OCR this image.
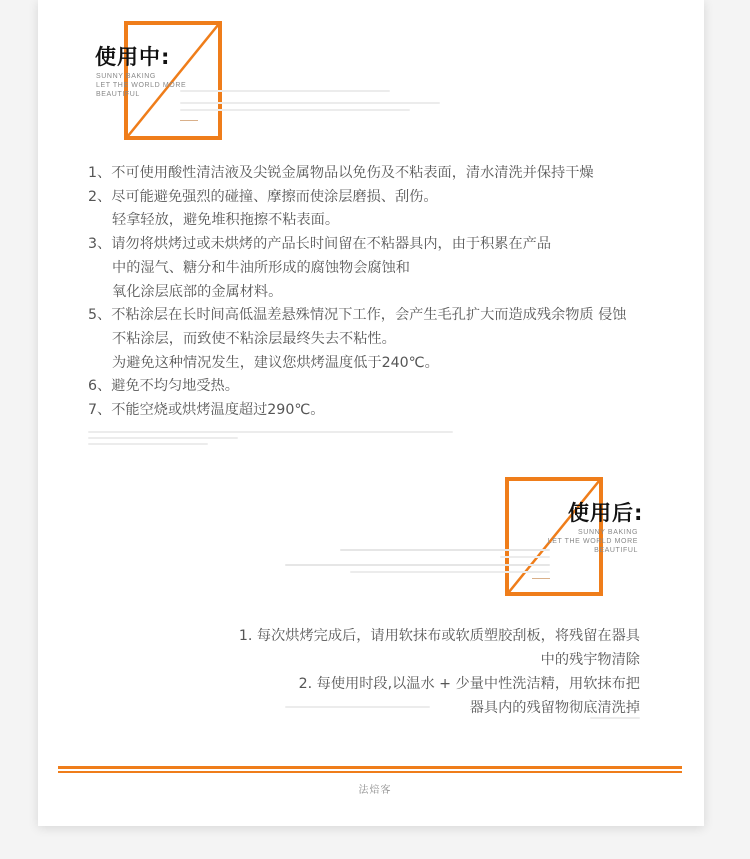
使用中:
SUNNY BAKING
LET THE WORLD MORE
BEAUTIFUL
1、不可使用酸性清洁液及尖锐金属物品以免伤及不粘表面，清水清洗并保持干燥
2、尽可能避免强烈的碰撞、摩擦而使涂层磨损、刮伤。
轻拿轻放，避免堆积拖擦不粘表面。
3、请勿将烘烤过或未烘烤的产品长时间留在不粘器具内，由于积累在产品
中的湿气、糖分和牛油所形成的腐蚀物会腐蚀和
氧化涂层底部的金属材料。
5、不粘涂层在长时间高低温差悬殊情况下工作，会产生毛孔扩大而造成残余物质 侵蚀
不粘涂层，而致使不粘涂层最终失去不粘性。
为避免这种情况发生，建议您烘烤温度低于240℃。
6、避免不均匀地受热。
7、不能空烧或烘烤温度超过290℃。
使用后:
SUNNY BAKING
LET THE WORLD MORE
BEAUTIFUL
1. 每次烘烤完成后，请用软抹布或软质塑胶刮板，将残留在器具
中的残宇物清除
2. 每使用时段,以温水 + 少量中性洗洁精，用软抹布把
器具内的残留物彻底清洗掉
法焙客
